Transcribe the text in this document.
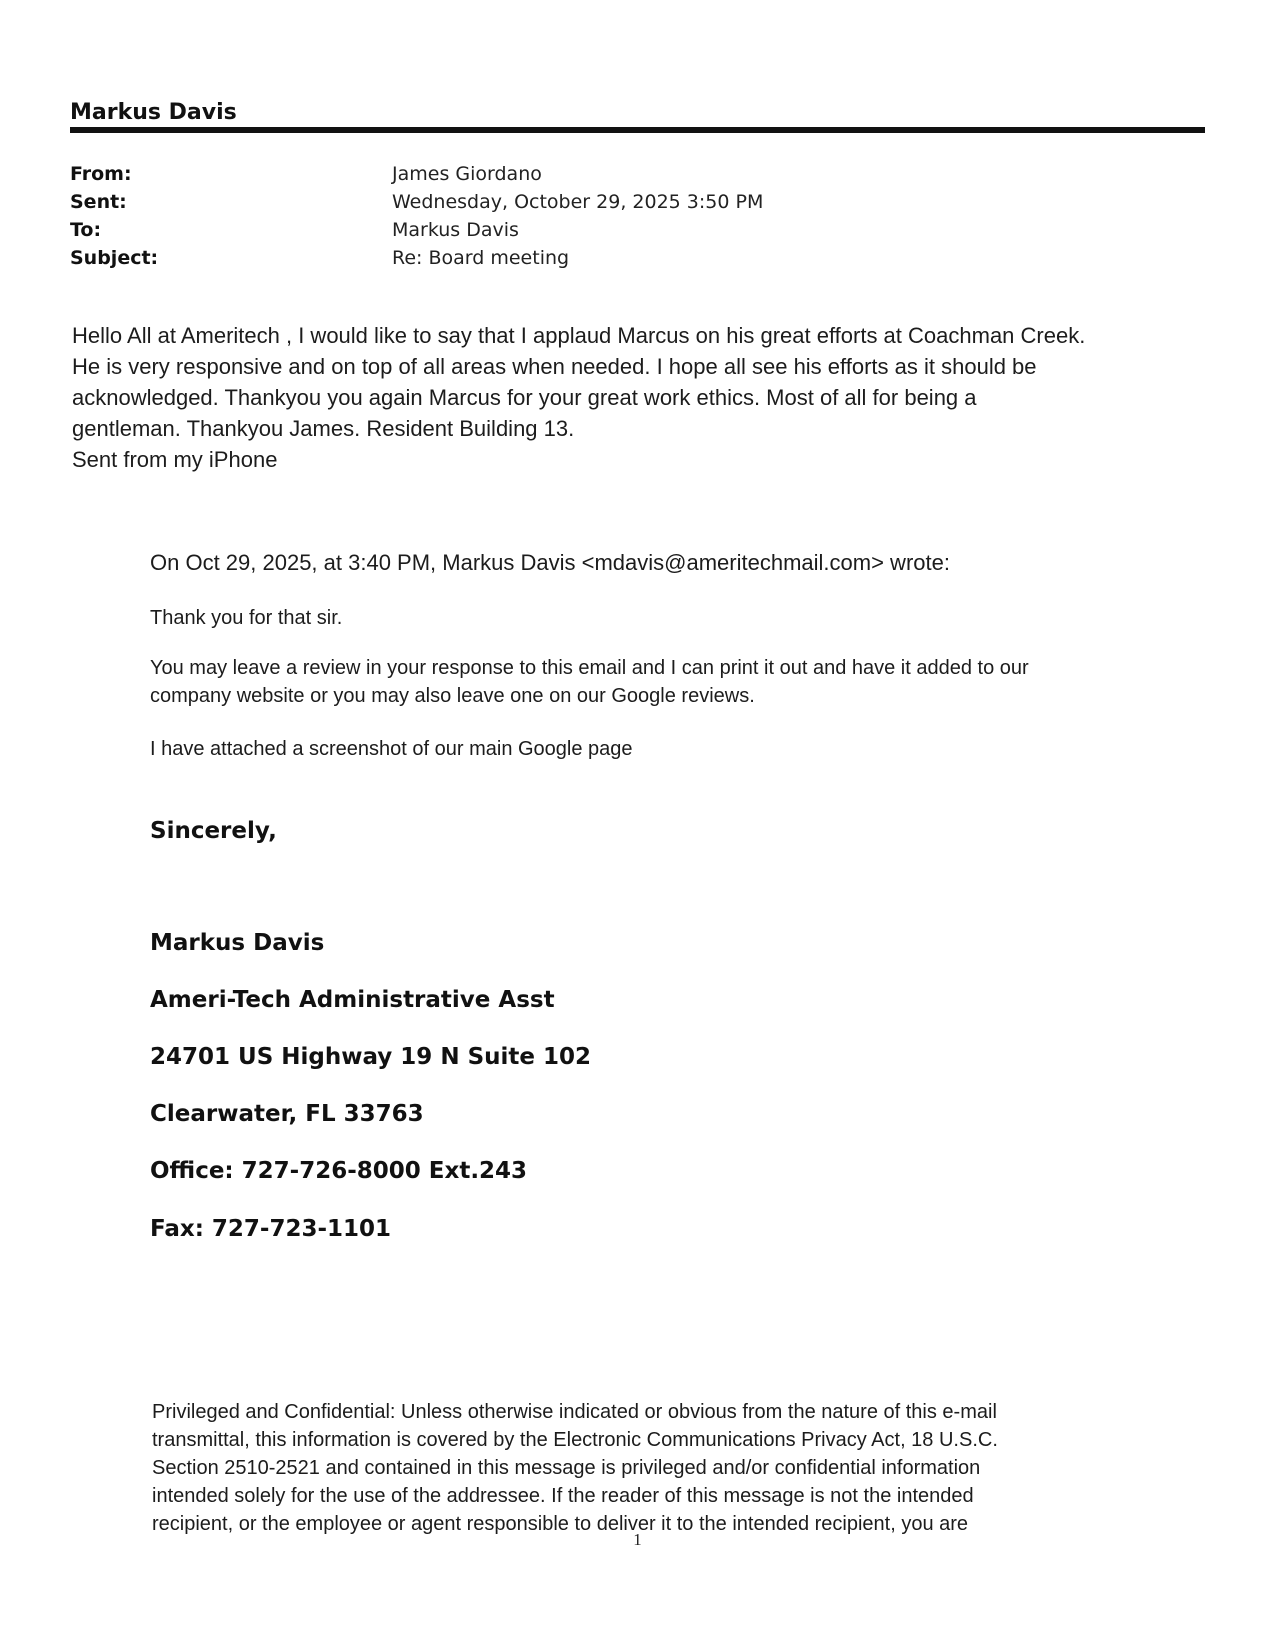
Markus Davis
From:	James Giordano
Sent:	Wednesday, October 29, 2025 3:50 PM
To:	Markus Davis
Subject:	Re: Board meeting

Hello All at Ameritech , I would like to say that I applaud Marcus on his great efforts at Coachman Creek.

He is very responsive and on top of all areas when needed. I hope all see his efforts as it should be

acknowledged. Thankyou you again Marcus for your great work ethics. Most of all for being a

gentleman. Thankyou James. Resident Building 13.

Sent from my iPhone

On Oct 29, 2025, at 3:40 PM, Markus Davis <mdavis@ameritechmail.com> wrote:

Thank you for that sir.

You may leave a review in your response to this email and I can print it out and have it added to our

company website or you may also leave one on our Google reviews.

I have attached a screenshot of our main Google page

Sincerely,

Markus Davis

Ameri-Tech Administrative Asst

24701 US Highway 19 N Suite 102

Clearwater, FL 33763

Office: 727-726-8000 Ext.243

Fax: 727-723-1101

Privileged and Confidential: Unless otherwise indicated or obvious from the nature of this e-mail
transmittal, this information is covered by the Electronic Communications Privacy Act, 18 U.S.C.
Section 2510-2521 and contained in this message is privileged and/or confidential information
intended solely for the use of the addressee. If the reader of this message is not the intended
recipient, or the employee or agent responsible to deliver it to the intended recipient, you are
1
